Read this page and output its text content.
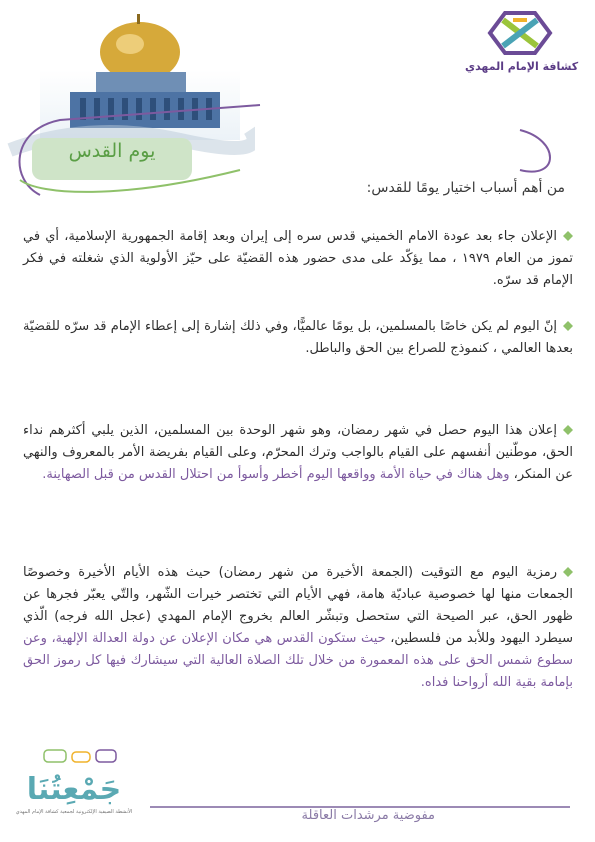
كشافة الإمام المهدي
يوم القدس
من أهم أسباب اختيار يومًا للقدس:
الإعلان جاء بعد عودة الامام الخميني قدس سره إلى إيران وبعد إقامة الجمهورية الإسلامية، أي في تموز من العام ١٩٧٩ ، مما يؤكّد على مدى حضور هذه القضيّة على حيّز الأولوية الذي شغلته في فكر الإمام قد سرّه.
إنّ اليوم لم يكن خاصًا بالمسلمين، بل يومًا عالميًّا، وفي ذلك إشارة إلى إعطاء الإمام قد سرّه للقضيّة بعدها العالمي ، كنموذج للصراع بين الحق والباطل.
إعلان هذا اليوم حصل في شهر رمضان، وهو شهر الوحدة بين المسلمين، الذين يلبي أكثرهم نداء الحق، موطّنين أنفسهم على القيام بالواجب وترك المحرّم، وعلى القيام بفريضة الأمر بالمعروف والنهي عن المنكر، وهل هناك في حياة الأمة وواقعها اليوم أخطر وأسوأ من احتلال القدس من قبل الصهاينة.
رمزية اليوم مع التوقيت (الجمعة الأخيرة من شهر رمضان) حيث هذه الأيام الأخيرة وخصوصًا الجمعات منها لها خصوصية عباديّة هامة، فهي الأيام التي تختصر خيرات الشّهر، والتّي يعبّر فجرها عن ظهور الحق، عبر الصيحة التي ستحصل وتبشّر العالم بخروج الإمام المهدي (عجل الله فرجه) الّذي سيطرد اليهود وللأبد من فلسطين، حيث ستكون القدس هي مكان الإعلان عن دولة العدالة الإلهية، وعن سطوع شمس الحق على هذه المعمورة من خلال تلك الصلاة العالية التي سيشارك فيها كل رموز الحق بإمامة بقية الله أرواحنا فداه.
جَمْعِتُنَا
الأنشطة الصيفية الإلكترونية لجمعية كشافة الإمام المهدي	مفوضية مرشدات العاقلة
